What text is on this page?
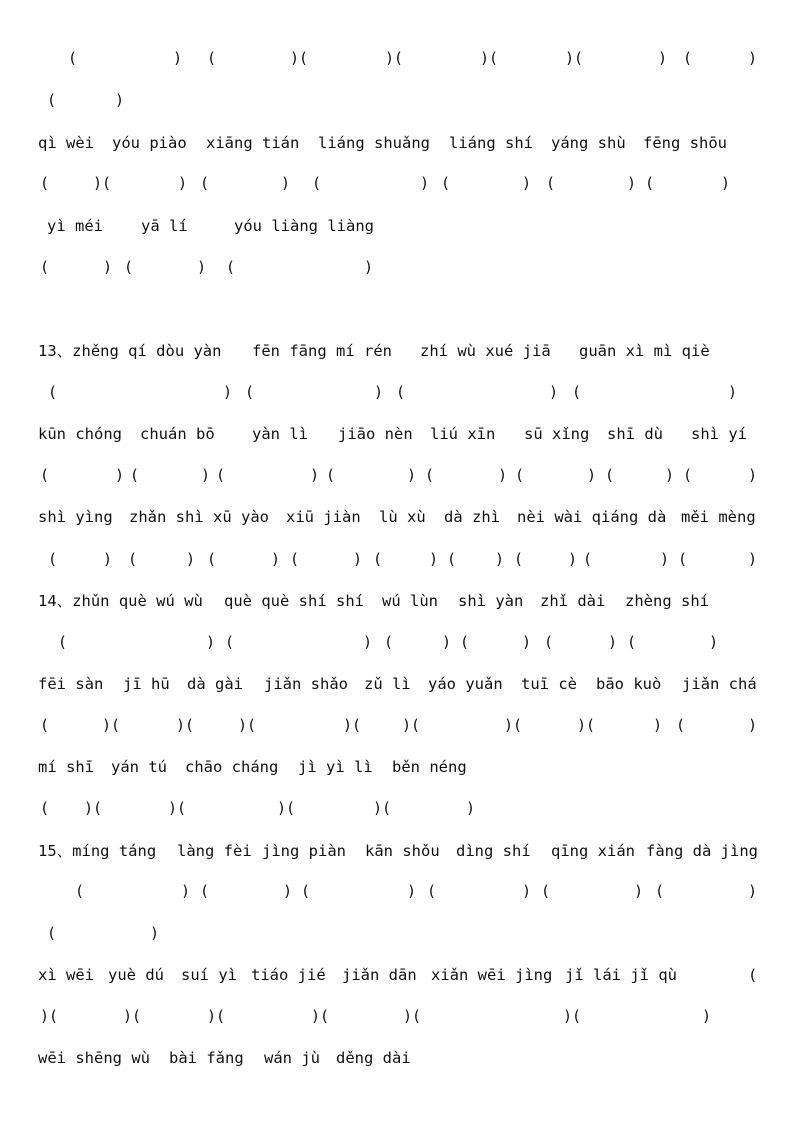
(	) (	)(	)(	)(	)(	) (	)
(	)
qì wèi yóu piào xiāng tián liáng shuǎng liáng shí yáng shù fēng shōu
(	)(	) (	) (	) (	) (	) (	)
yì méi yā lí	yóu liàng liàng
(	) (	) (	)
13、zhěng qí dòu yàn fēn fāng mí rén zhí wù xué jiā guān xì mì qiè
(	) (	) (	) (	)
kūn chóng chuán bō yàn lì jiāo nèn liú xīn sū xǐng shī dù shì yí
(	) (	) (	) (	) (	) (	) (	) (	)
shì yìng zhǎn shì xū yào xiū jiàn lù xù dà zhì nèi wài qiáng dà měi mèng
(	) (	) (	) (	) (	) (	) (	) (	) (	)
14、zhǔn què wú wù què què shí shí wú lùn shì yàn zhǐ dài zhèng shí
(	) (	) (	) (	) (	) (	)
fēi sàn jī hū dà gài jiǎn shǎo zǔ lì yáo yuǎn tuī cè bāo kuò jiǎn chá
(	)(	)(	)(	)(	)(	)(	)(	) (	)
mí shī yán tú chāo cháng jì yì lì běn néng
( )(	)(	)(	)(	)
15、míng táng làng fèi jìng piàn kān shǒu dìng shí qīng xián fàng dà jìng
(	) (	) (	) (	) (	) (	)
(	)
xì wēi yuè dú suí yì tiáo jié jiǎn dān xiǎn wēi jìng jǐ lái jǐ qù	(
)(	)(	)(	)(	)(	)(	)
wēi shēng wù bài fǎng wán jù děng dài
